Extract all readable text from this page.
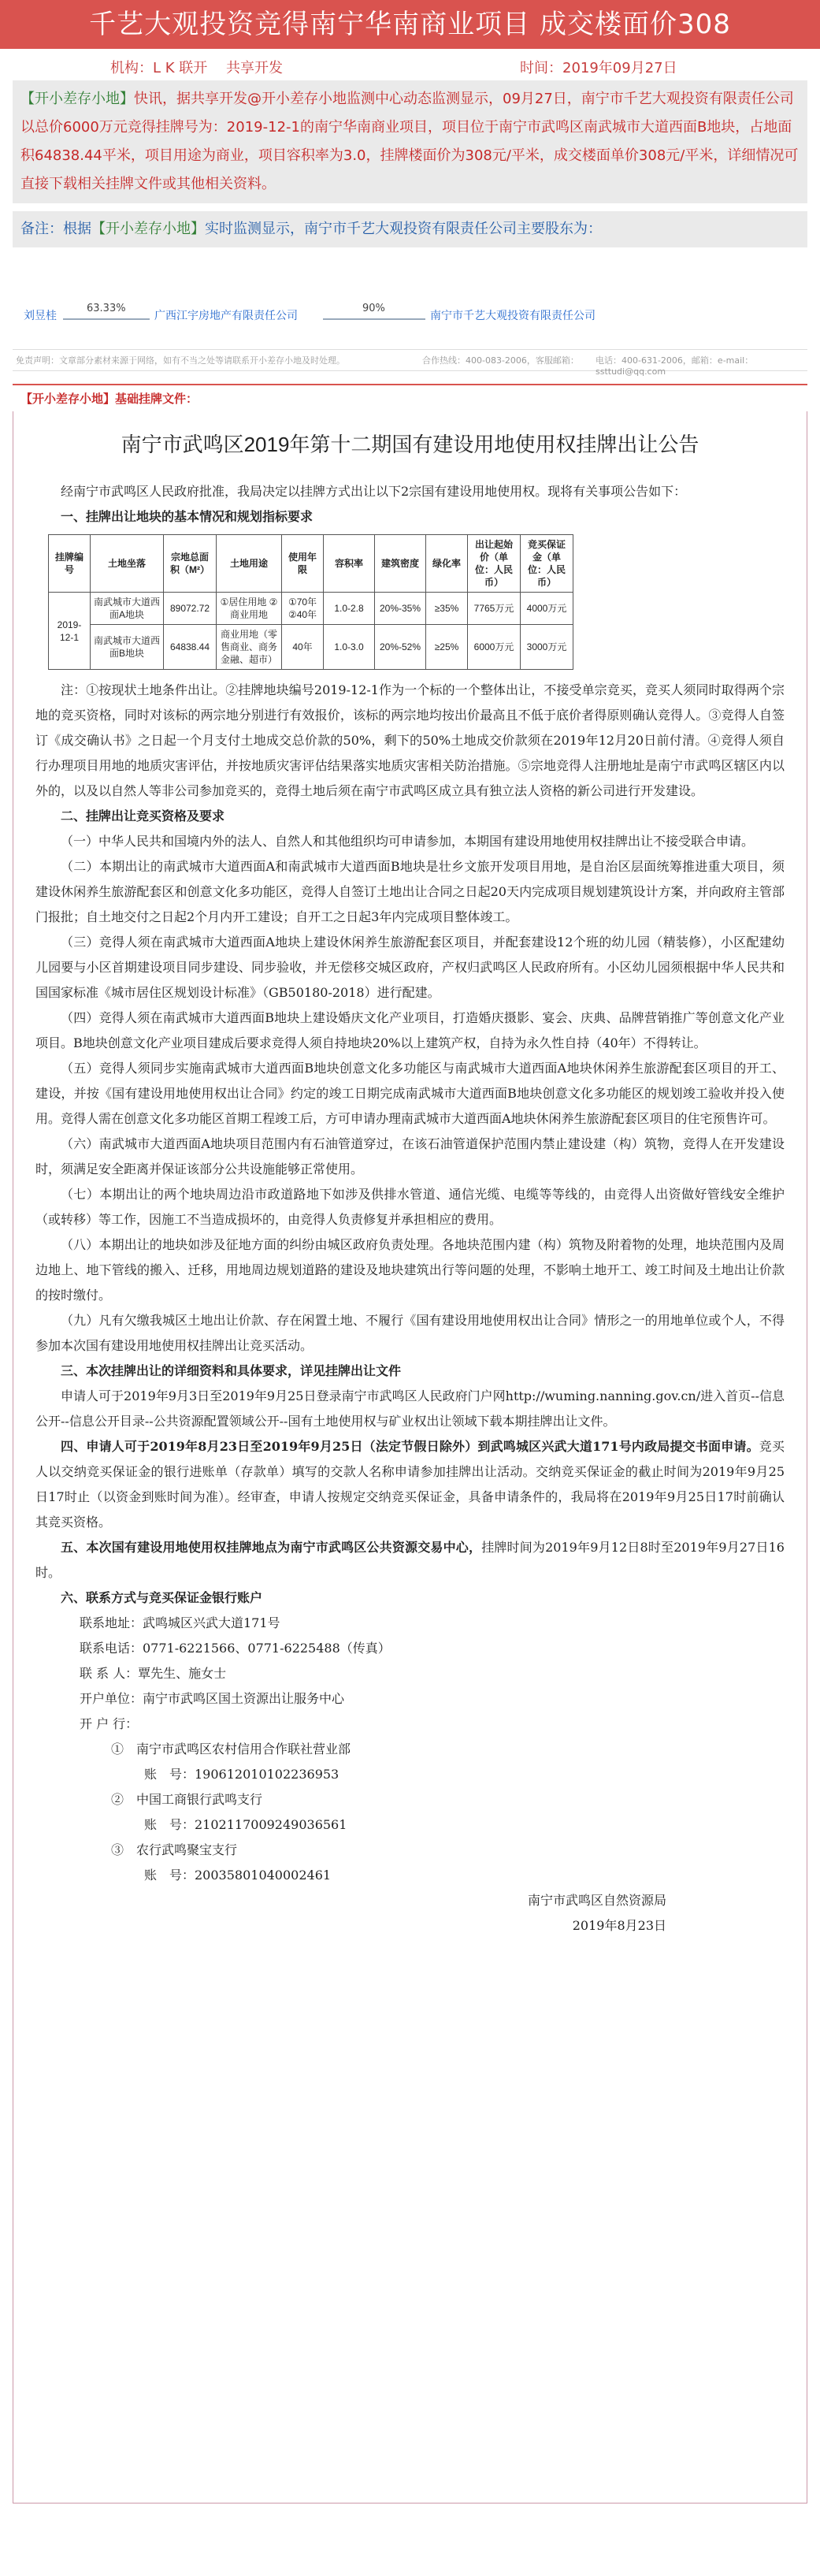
千艺大观投资竞得南宁华南商业项目 成交楼面价308
机构：L K 联开　 共享开发	时间：2019年09月27日
【开小差存小地】快讯，据共享开发@开小差存小地监测中心动态监测显示，09月27日，南宁市千艺大观投资有限责任公司以总价6000万元竞得挂牌号为：2019-12-1的南宁华南商业项目，项目位于南宁市武鸣区南武城市大道西面B地块，占地面积64838.44平米，项目用途为商业，项目容积率为3.0，挂牌楼面价为308元/平米，成交楼面单价308元/平米，详细情况可直接下载相关挂牌文件或其他相关资料。
备注：根据【开小差存小地】实时监测显示，南宁市千艺大观投资有限责任公司主要股东为：
刘昱桂
63.33%
广西江宇房地产有限责任公司
90%
南宁市千艺大观投资有限责任公司
免责声明：文章部分素材来源于网络，如有不当之处等请联系开小差存小地及时处理。	合作热线：400-083-2006，客服邮箱： 电话：400-631-2006，邮箱：e-mail：ssttudi@qq.com
【开小差存小地】基础挂牌文件：
南宁市武鸣区2019年第十二期国有建设用地使用权挂牌出让公告

经南宁市武鸣区人民政府批准，我局决定以挂牌方式出让以下2宗国有建设用地使用权。现将有关事项公告如下：

一、挂牌出让地块的基本情况和规划指标要求

挂牌编号	土地坐落	宗地总面积（M²）	土地用途	使用年限	容积率	建筑密度	绿化率	出让起始价（单位：人民币）	竞买保证金（单位：人民币）
2019-12-1	南武城市大道西面A地块	89072.72	①居住用地 ②商业用地	①70年 ②40年	1.0-2.8	20%-35%	≥35%	7765万元	4000万元
	南武城市大道西面B地块	64838.44	商业用地（零售商业、商务金融、超市）	40年	1.0-3.0	20%-52%	≥25%	6000万元	3000万元

注：①按现状土地条件出让。②挂牌地块编号2019-12-1作为一个标的一个整体出让，不接受单宗竞买，竞买人须同时取得两个宗地的竞买资格，同时对该标的两宗地分别进行有效报价，该标的两宗地均按出价最高且不低于底价者得原则确认竞得人。③竞得人自签订《成交确认书》之日起一个月支付土地成交总价款的50%，剩下的50%土地成交价款须在2019年12月20日前付清。④竞得人须自行办理项目用地的地质灾害评估，并按地质灾害评估结果落实地质灾害相关防治措施。⑤宗地竞得人注册地址是南宁市武鸣区辖区内以外的，以及以自然人等非公司参加竞买的，竞得土地后须在南宁市武鸣区成立具有独立法人资格的新公司进行开发建设。

二、挂牌出让竞买资格及要求

（一）中华人民共和国境内外的法人、自然人和其他组织均可申请参加，本期国有建设用地使用权挂牌出让不接受联合申请。

（二）本期出让的南武城市大道西面A和南武城市大道西面B地块是壮乡文旅开发项目用地，是自治区层面统筹推进重大项目，须建设休闲养生旅游配套区和创意文化多功能区，竞得人自签订土地出让合同之日起20天内完成项目规划建筑设计方案，并向政府主管部门报批；自土地交付之日起2个月内开工建设；自开工之日起3年内完成项目整体竣工。

（三）竞得人须在南武城市大道西面A地块上建设休闲养生旅游配套区项目，并配套建设12个班的幼儿园（精装修），小区配建幼儿园要与小区首期建设项目同步建设、同步验收，并无偿移交城区政府，产权归武鸣区人民政府所有。小区幼儿园须根据中华人民共和国国家标准《城市居住区规划设计标准》（GB50180-2018）进行配建。

（四）竞得人须在南武城市大道西面B地块上建设婚庆文化产业项目，打造婚庆摄影、宴会、庆典、品牌营销推广等创意文化产业项目。B地块创意文化产业项目建成后要求竞得人须自持地块20%以上建筑产权，自持为永久性自持（40年）不得转让。

（五）竞得人须同步实施南武城市大道西面B地块创意文化多功能区与南武城市大道西面A地块休闲养生旅游配套区项目的开工、建设，并按《国有建设用地使用权出让合同》约定的竣工日期完成南武城市大道西面B地块创意文化多功能区的规划竣工验收并投入使用。竞得人需在创意文化多功能区首期工程竣工后，方可申请办理南武城市大道西面A地块休闲养生旅游配套区项目的住宅预售许可。

（六）南武城市大道西面A地块项目范围内有石油管道穿过，在该石油管道保护范围内禁止建设建（构）筑物，竞得人在开发建设时，须满足安全距离并保证该部分公共设施能够正常使用。

（七）本期出让的两个地块周边沿市政道路地下如涉及供排水管道、通信光缆、电缆等等线的，由竞得人出资做好管线安全维护（或转移）等工作，因施工不当造成损坏的，由竞得人负责修复并承担相应的费用。

（八）本期出让的地块如涉及征地方面的纠纷由城区政府负责处理。各地块范围内建（构）筑物及附着物的处理，地块范围内及周边地上、地下管线的搬入、迁移，用地周边规划道路的建设及地块建筑出行等问题的处理，不影响土地开工、竣工时间及土地出让价款的按时缴付。

（九）凡有欠缴我城区土地出让价款、存在闲置土地、不履行《国有建设用地使用权出让合同》情形之一的用地单位或个人，不得参加本次国有建设用地使用权挂牌出让竞买活动。

三、本次挂牌出让的详细资料和具体要求，详见挂牌出让文件

申请人可于2019年9月3日至2019年9月25日登录南宁市武鸣区人民政府门户网http://wuming.nanning.gov.cn/进入首页--信息公开--信息公开目录--公共资源配置领域公开--国有土地使用权与矿业权出让领域下载本期挂牌出让文件。

四、申请人可于2019年8月23日至2019年9月25日（法定节假日除外）到武鸣城区兴武大道171号内政局提交书面申请。竞买人以交纳竞买保证金的银行进账单（存款单）填写的交款人名称申请参加挂牌出让活动。交纳竞买保证金的截止时间为2019年9月25日17时止（以资金到账时间为准）。经审查，申请人按规定交纳竞买保证金，具备申请条件的，我局将在2019年9月25日17时前确认其竞买资格。

五、本次国有建设用地使用权挂牌地点为南宁市武鸣区公共资源交易中心，挂牌时间为2019年9月12日8时至2019年9月27日16时。

六、联系方式与竞买保证金银行账户

联系地址：武鸣城区兴武大道171号
联系电话：0771-6221566、0771-6225488（传真）
联 系 人：覃先生、施女士
开户单位：南宁市武鸣区国土资源出让服务中心
开 户 行：
①　南宁市武鸣区农村信用合作联社营业部
账　号：190612010102236953
②　中国工商银行武鸣支行
账　号：2102117009249036561
③　农行武鸣聚宝支行
账　号：20035801040002461
南宁市武鸣区自然资源局
2019年8月23日
